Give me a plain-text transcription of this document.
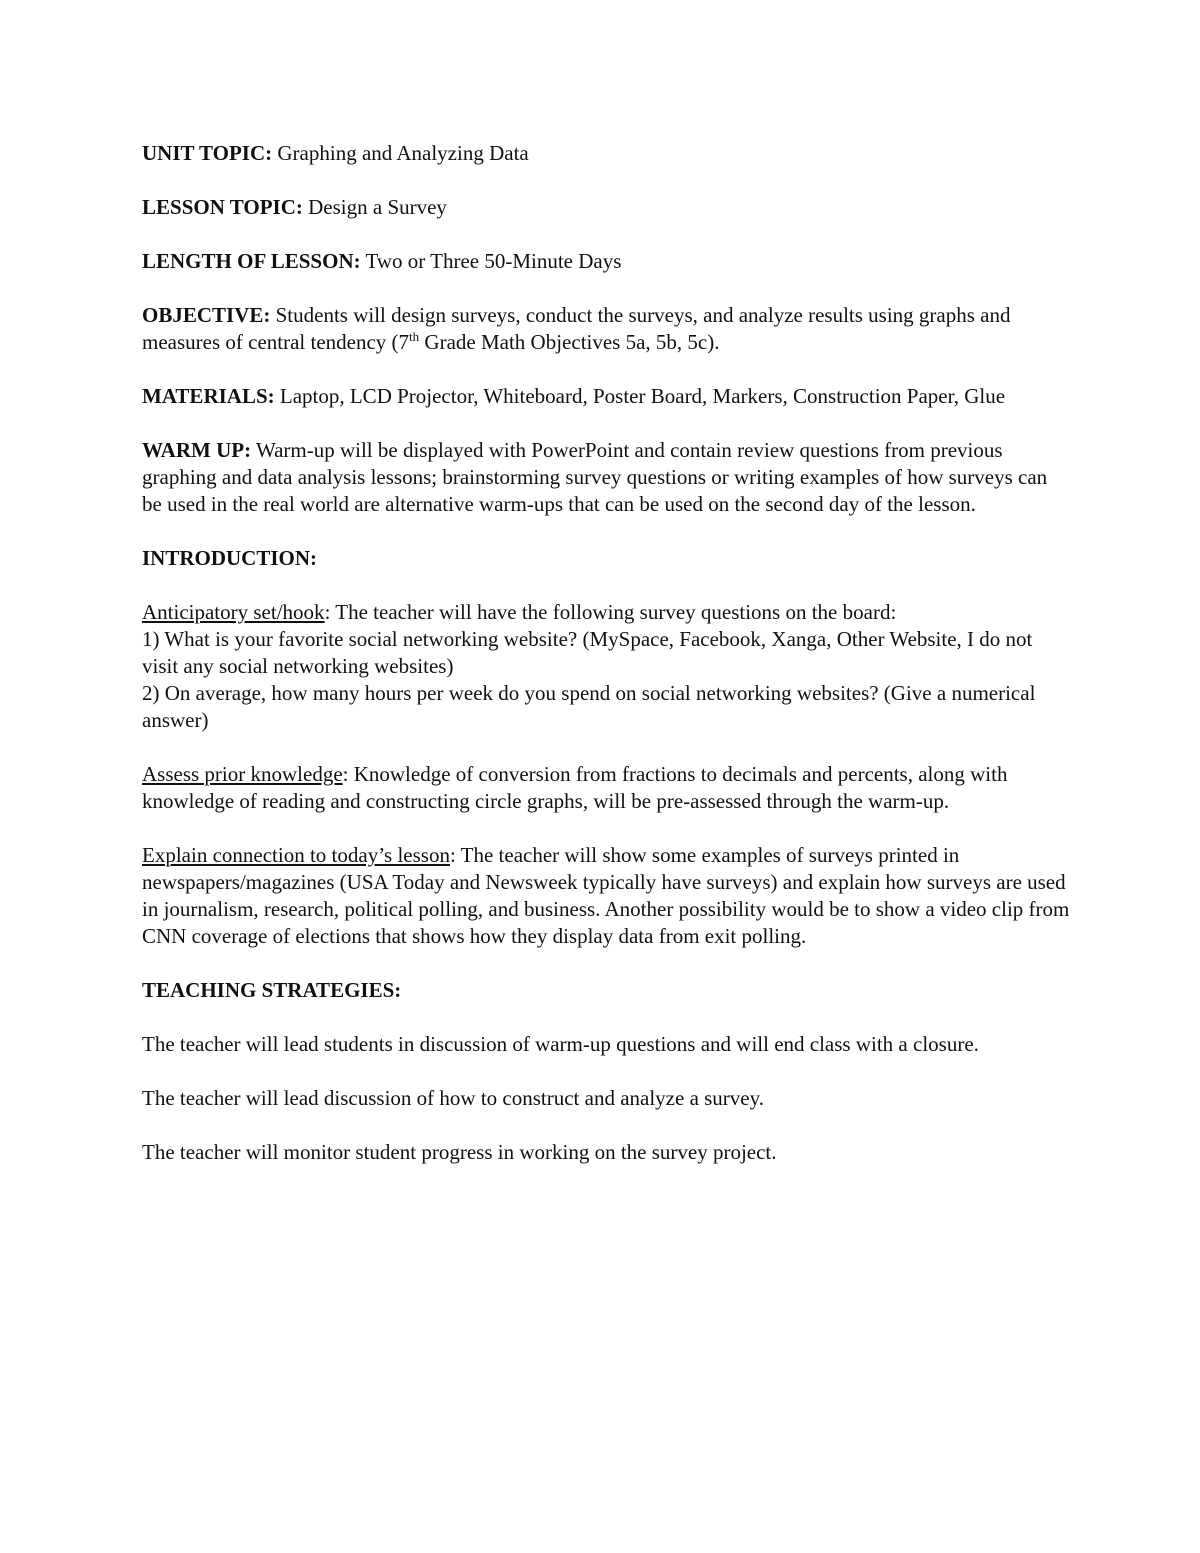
UNIT TOPIC: Graphing and Analyzing Data

LESSON TOPIC: Design a Survey

LENGTH OF LESSON: Two or Three 50-Minute Days

OBJECTIVE: Students will design surveys, conduct the surveys, and analyze results using graphs and measures of central tendency (7th Grade Math Objectives 5a, 5b, 5c).

MATERIALS: Laptop, LCD Projector, Whiteboard, Poster Board, Markers, Construction Paper, Glue

WARM UP: Warm-up will be displayed with PowerPoint and contain review questions from previous graphing and data analysis lessons; brainstorming survey questions or writing examples of how surveys can be used in the real world are alternative warm-ups that can be used on the second day of the lesson.

INTRODUCTION:

Anticipatory set/hook: The teacher will have the following survey questions on the board:
1) What is your favorite social networking website? (MySpace, Facebook, Xanga, Other Website, I do not visit any social networking websites)
2) On average, how many hours per week do you spend on social networking websites? (Give a numerical answer)

Assess prior knowledge: Knowledge of conversion from fractions to decimals and percents, along with knowledge of reading and constructing circle graphs, will be pre-assessed through the warm-up.

Explain connection to today’s lesson: The teacher will show some examples of surveys printed in newspapers/magazines (USA Today and Newsweek typically have surveys) and explain how surveys are used in journalism, research, political polling, and business. Another possibility would be to show a video clip from CNN coverage of elections that shows how they display data from exit polling.

TEACHING STRATEGIES:

The teacher will lead students in discussion of warm-up questions and will end class with a closure.

The teacher will lead discussion of how to construct and analyze a survey.

The teacher will monitor student progress in working on the survey project.
